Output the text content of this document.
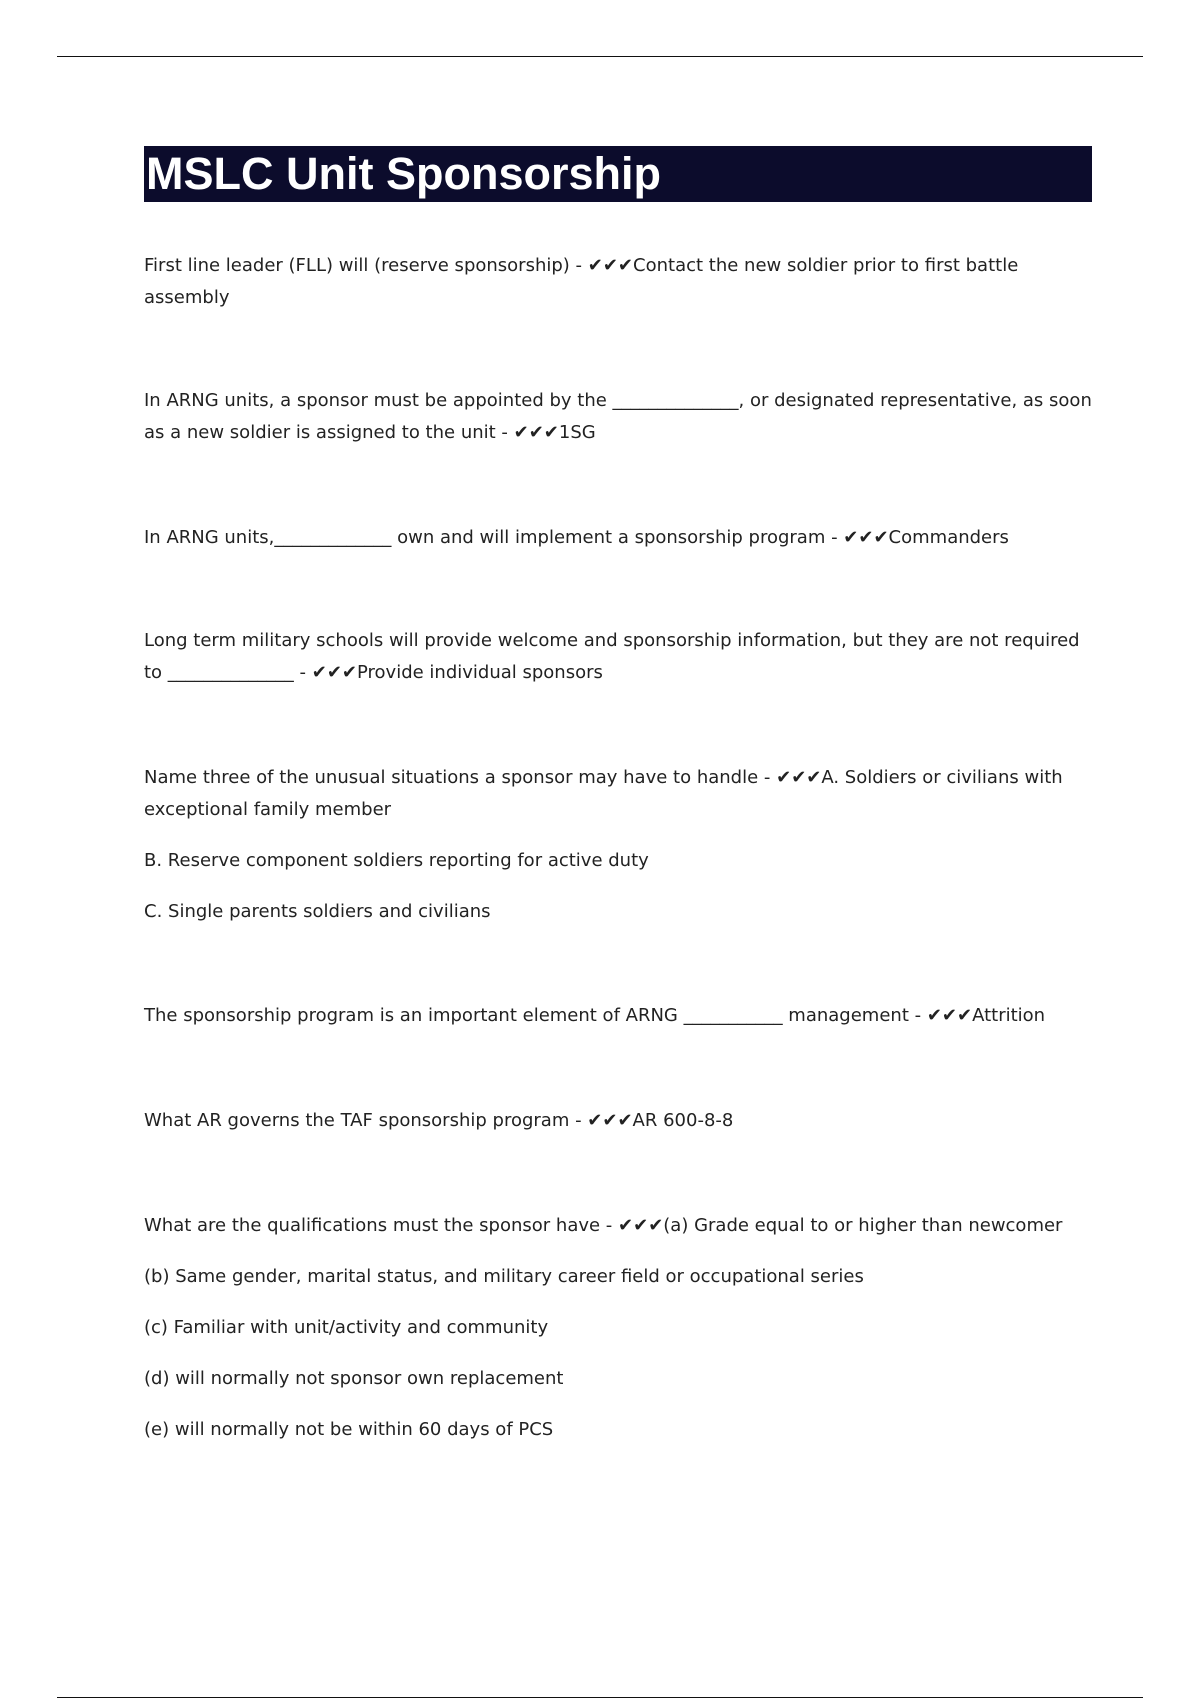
MSLC Unit Sponsorship

First line leader (FLL) will (reserve sponsorship) - ✔✔✔Contact the new soldier prior to first battle assembly

In ARNG units, a sponsor must be appointed by the ______________, or designated representative, as soon as a new soldier is assigned to the unit - ✔✔✔1SG

In ARNG units,_____________ own and will implement a sponsorship program - ✔✔✔Commanders

Long term military schools will provide welcome and sponsorship information, but they are not required to ______________ - ✔✔✔Provide individual sponsors

Name three of the unusual situations a sponsor may have to handle - ✔✔✔A. Soldiers or civilians with exceptional family member

B. Reserve component soldiers reporting for active duty

C. Single parents soldiers and civilians

The sponsorship program is an important element of ARNG ___________ management - ✔✔✔Attrition

What AR governs the TAF sponsorship program - ✔✔✔AR 600-8-8

What are the qualifications must the sponsor have - ✔✔✔(a) Grade equal to or higher than newcomer

(b) Same gender, marital status, and military career field or occupational series

(c) Familiar with unit/activity and community

(d) will normally not sponsor own replacement

(e) will normally not be within 60 days of PCS
